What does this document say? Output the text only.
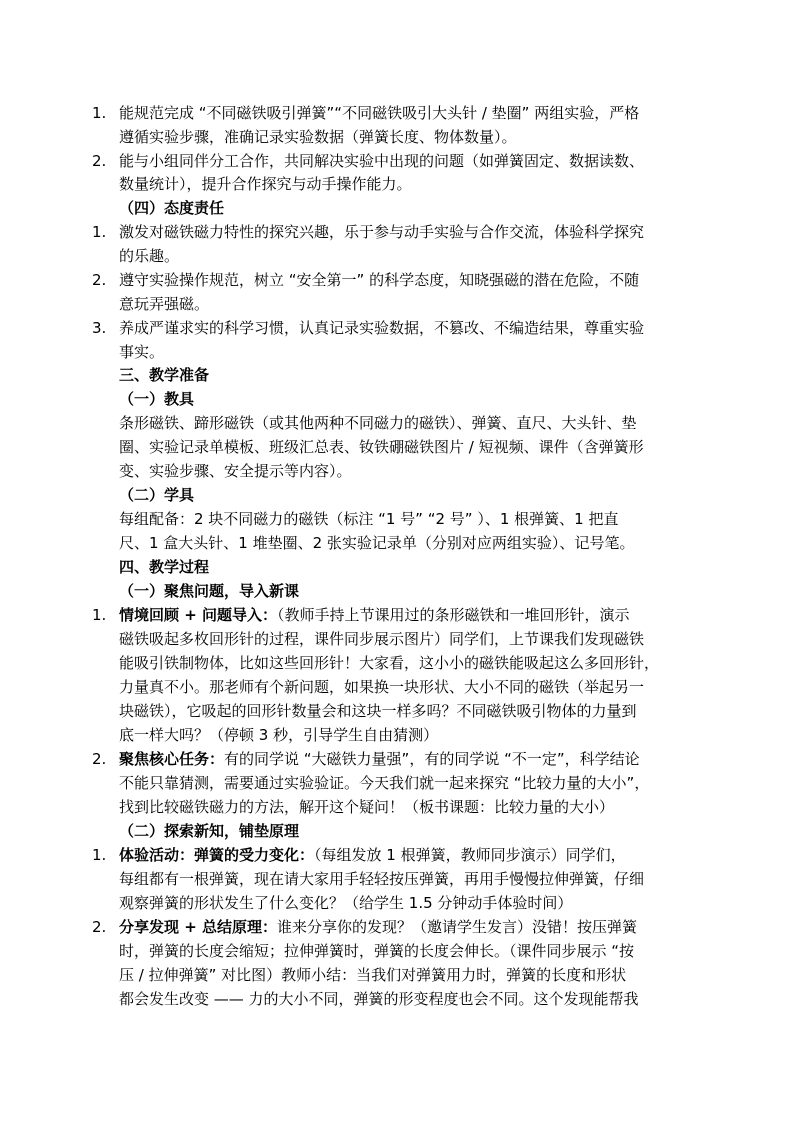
1. 能规范完成 “不同磁铁吸引弹簧”“不同磁铁吸引大头针 / 垫圈” 两组实验，严格
遵循实验步骤，准确记录实验数据（弹簧长度、物体数量）。
2. 能与小组同伴分工合作，共同解决实验中出现的问题（如弹簧固定、数据读数、
数量统计），提升合作探究与动手操作能力。
（四）态度责任
1. 激发对磁铁磁力特性的探究兴趣，乐于参与动手实验与合作交流，体验科学探究
的乐趣。
2. 遵守实验操作规范，树立 “安全第一” 的科学态度，知晓强磁的潜在危险，不随
意玩弄强磁。
3. 养成严谨求实的科学习惯，认真记录实验数据，不篡改、不编造结果，尊重实验
事实。
三、教学准备
（一）教具
条形磁铁、蹄形磁铁（或其他两种不同磁力的磁铁）、弹簧、直尺、大头针、垫
圈、实验记录单模板、班级汇总表、钕铁硼磁铁图片 / 短视频、课件（含弹簧形
变、实验步骤、安全提示等内容）。
（二）学具
每组配备：2 块不同磁力的磁铁（标注 “1 号” “2 号” ）、1 根弹簧、1 把直
尺、1 盒大头针、1 堆垫圈、2 张实验记录单（分别对应两组实验）、记号笔。
四、教学过程
（一）聚焦问题，导入新课
1. 情境回顾 + 问题导入：（教师手持上节课用过的条形磁铁和一堆回形针，演示
磁铁吸起多枚回形针的过程，课件同步展示图片）同学们，上节课我们发现磁铁
能吸引铁制物体，比如这些回形针！大家看，这小小的磁铁能吸起这么多回形针，
力量真不小。那老师有个新问题，如果换一块形状、大小不同的磁铁（举起另一
块磁铁），它吸起的回形针数量会和这块一样多吗？不同磁铁吸引物体的力量到
底一样大吗？（停顿 3 秒，引导学生自由猜测）
2. 聚焦核心任务：有的同学说 “大磁铁力量强”，有的同学说 “不一定”，科学结论
不能只靠猜测，需要通过实验验证。今天我们就一起来探究 “比较力量的大小”，
找到比较磁铁磁力的方法，解开这个疑问！（板书课题：比较力量的大小）
（二）探索新知，铺垫原理
1. 体验活动：弹簧的受力变化：（每组发放 1 根弹簧，教师同步演示）同学们，
每组都有一根弹簧，现在请大家用手轻轻按压弹簧，再用手慢慢拉伸弹簧，仔细
观察弹簧的形状发生了什么变化？（给学生 1.5 分钟动手体验时间）
2. 分享发现 + 总结原理：谁来分享你的发现？（邀请学生发言）没错！按压弹簧
时，弹簧的长度会缩短；拉伸弹簧时，弹簧的长度会伸长。（课件同步展示 “按
压 / 拉伸弹簧” 对比图）教师小结：当我们对弹簧用力时，弹簧的长度和形状
都会发生改变 —— 力的大小不同，弹簧的形变程度也会不同。这个发现能帮我
